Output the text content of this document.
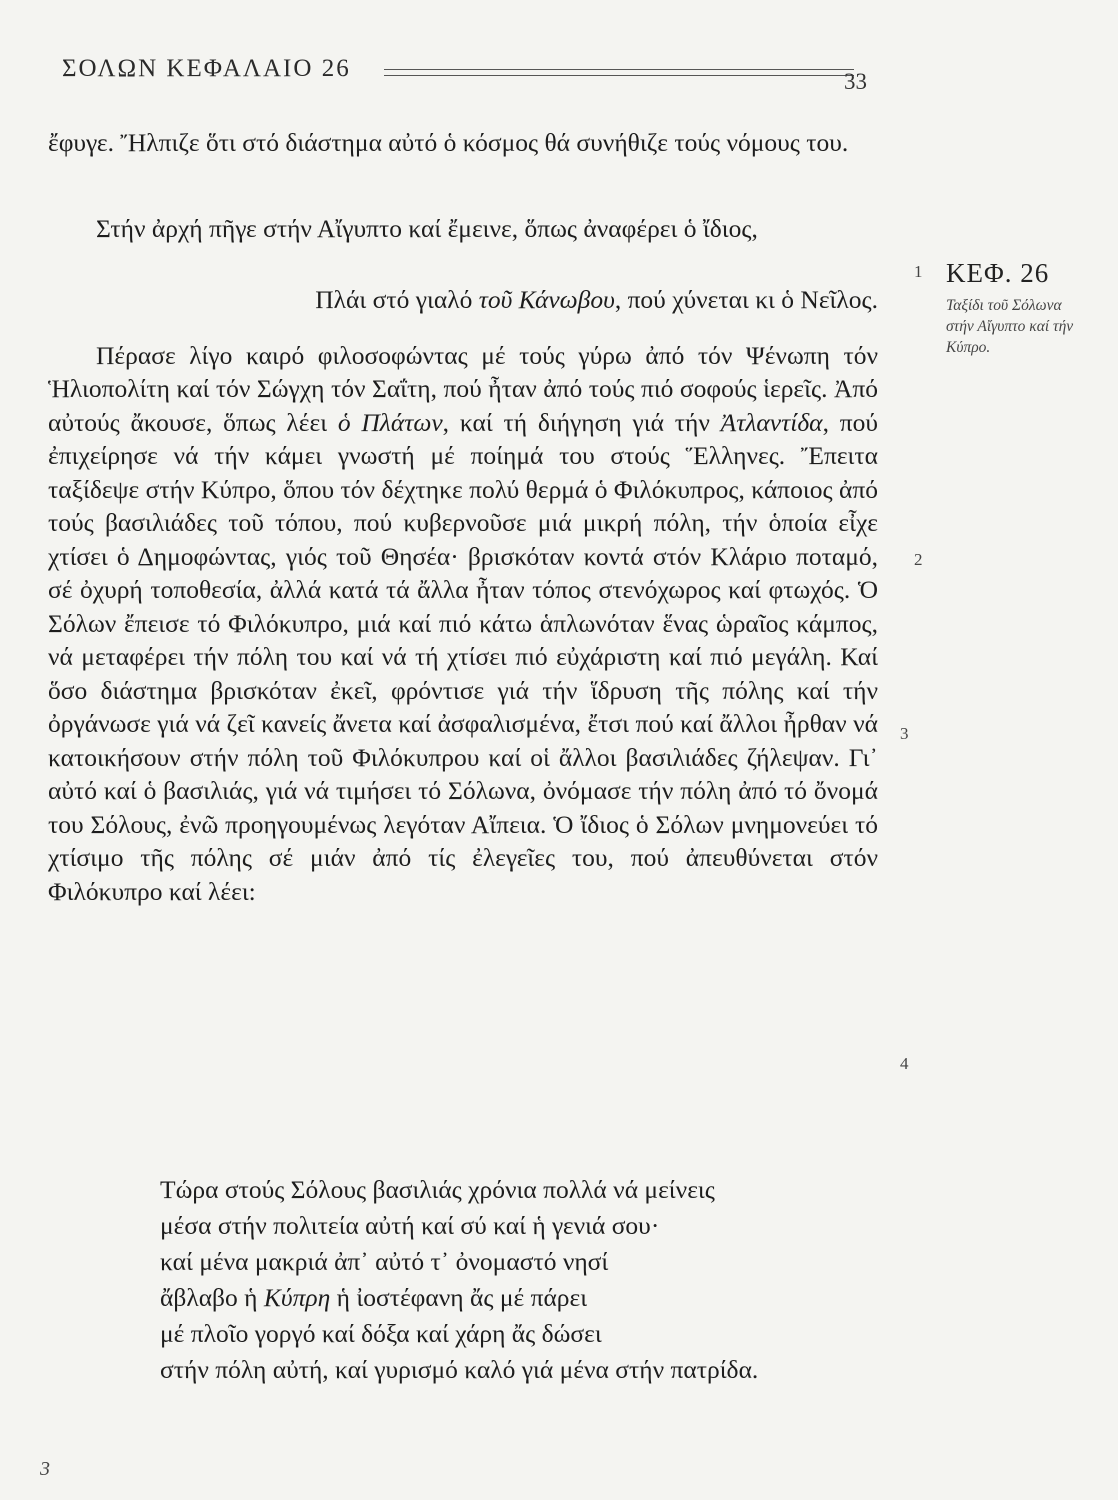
ΣΟΛΩΝ ΚΕΦΑΛΑΙΟ 26	33

ἔφυγε. Ἤλπιζε ὅτι στό διάστημα αὐτό ὁ κόσμος θά συνήθιζε τούς νόμους του.

Στήν ἀρχή πῆγε στήν Αἴγυπτο καί ἔμεινε, ὅπως ἀναφέρει ὁ ἴδιος,

Πλάι στό γιαλό τοῦ Κάνωβου, πού χύνεται κι ὁ Νεῖλος.

Πέρασε λίγο καιρό φιλοσοφώντας μέ τούς γύρω ἀπό τόν Ψένωπη τόν Ἡλιοπολίτη καί τόν Σώγχη τόν Σαΐτη, πού ἦταν ἀπό τούς πιό σοφούς ἱερεῖς. Ἀπό αὐτούς ἄκουσε, ὅπως λέει ὁ Πλάτων, καί τή διήγηση γιά τήν Ἀτλαντίδα, πού ἐπιχείρησε νά τήν κάμει γνωστή μέ ποίημά του στούς Ἕλληνες. Ἔπειτα ταξίδεψε στήν Κύπρο, ὅπου τόν δέχτηκε πολύ θερμά ὁ Φιλόκυπρος, κάποιος ἀπό τούς βασιλιάδες τοῦ τόπου, πού κυβερνοῦσε μιά μικρή πόλη, τήν ὁποία εἶχε χτίσει ὁ Δημοφώντας, γιός τοῦ Θησέα· βρισκόταν κοντά στόν Κλάριο ποταμό, σέ ὀχυρή τοποθεσία, ἀλλά κατά τά ἄλλα ἦταν τόπος στενόχωρος καί φτωχός. Ὁ Σόλων ἔπεισε τό Φιλόκυπρο, μιά καί πιό κάτω ἁπλωνόταν ἕνας ὡραῖος κάμπος, νά μεταφέρει τήν πόλη του καί νά τή χτίσει πιό εὐχάριστη καί πιό μεγάλη. Καί ὅσο διάστημα βρισκόταν ἐκεῖ, φρόντισε γιά τήν ἵδρυση τῆς πόλης καί τήν ὀργάνωσε γιά νά ζεῖ κανείς ἄνετα καί ἀσφαλισμένα, ἔτσι πού καί ἄλλοι ἦρθαν νά κατοικήσουν στήν πόλη τοῦ Φιλόκυπρου καί οἱ ἄλλοι βασιλιάδες ζήλεψαν. Γι᾽ αὐτό καί ὁ βασιλιάς, γιά νά τιμήσει τό Σόλωνα, ὀνόμασε τήν πόλη ἀπό τό ὄνομά του Σόλους, ἐνῶ προηγουμένως λεγόταν Αἴπεια. Ὁ ἴδιος ὁ Σόλων μνημονεύει τό χτίσιμο τῆς πόλης σέ μιάν ἀπό τίς ἐλεγεῖες του, πού ἀπευθύνεται στόν Φιλόκυπρο καί λέει:

Τώρα στούς Σόλους βασιλιάς χρόνια πολλά νά μείνεις
μέσα στήν πολιτεία αὐτή καί σύ καί ἡ γενιά σου·
καί μένα μακριά ἀπ᾽ αὐτό τ᾽ ὀνομαστό νησί
ἄβλαβο ἡ Κύπρη ἡ ἰοστέφανη ἄς μέ πάρει
μέ πλοῖο γοργό καί δόξα καί χάρη ἄς δώσει
στήν πόλη αὐτή, καί γυρισμό καλό γιά μένα στήν πατρίδα.
1
2
3
4
ΚΕΦ. 26
Ταξίδι τοῦ Σόλωνα στήν Αἴγυπτο καί τήν Κύπρο.
3
